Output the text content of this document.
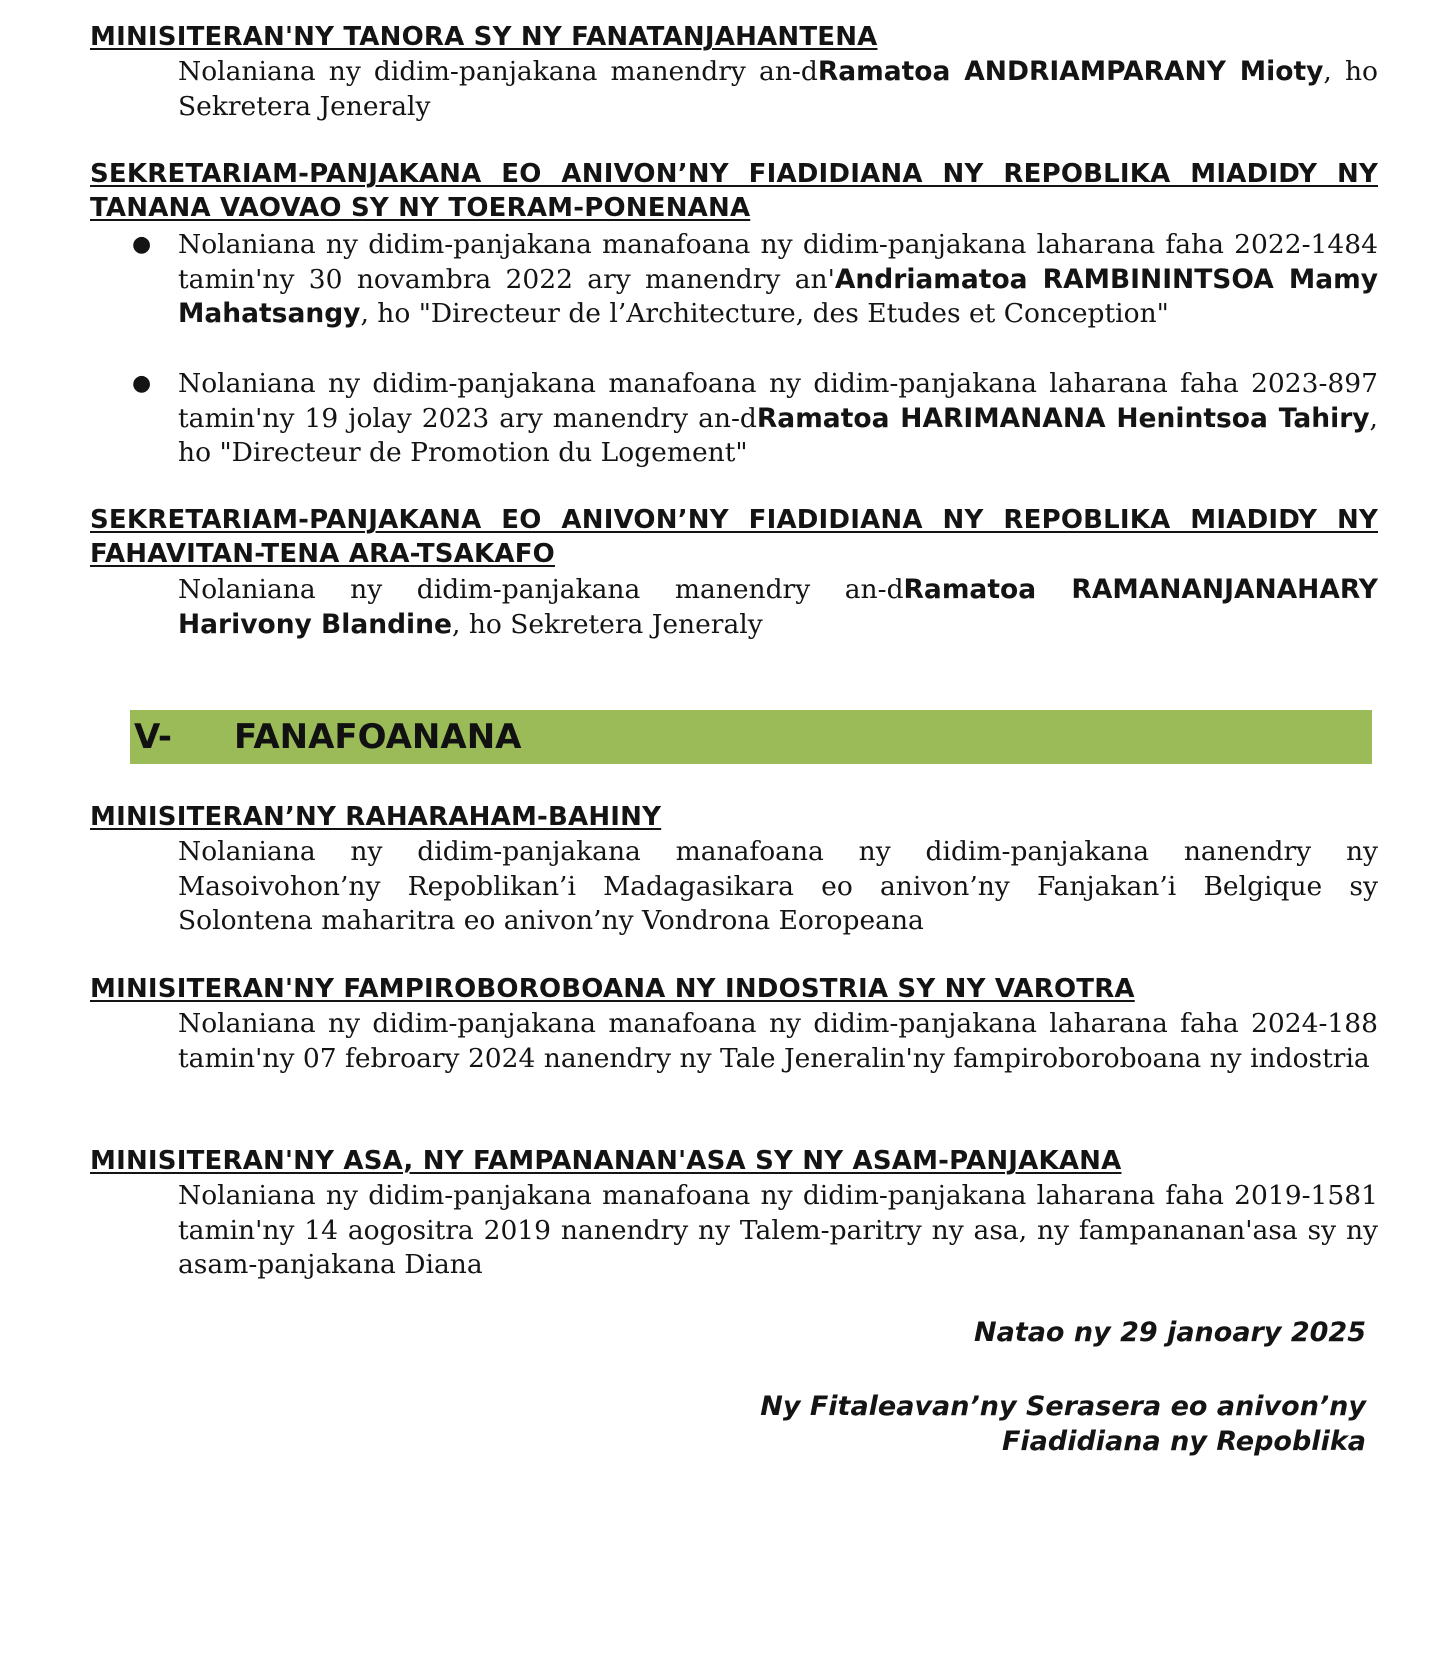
MINISITERAN'NY TANORA SY NY FANATANJAHANTENA
Nolaniana ny didim-panjakana manendry an-dRamatoa ANDRIAMPARANY Mioty, ho Sekretera Jeneraly
SEKRETARIAM-PANJAKANA EO ANIVON’NY FIADIDIANA NY REPOBLIKA MIADIDY NY TANANA VAOVAO SY NY TOERAM-PONENANA
● Nolaniana ny didim-panjakana manafoana ny didim-panjakana laharana faha 2022-1484 tamin'ny 30 novambra 2022 ary manendry an'Andriamatoa RAMBININTSOA Mamy Mahatsangy, ho "Directeur de l’Architecture, des Etudes et Conception"
● Nolaniana ny didim-panjakana manafoana ny didim-panjakana laharana faha 2023-897 tamin'ny 19 jolay 2023 ary manendry an-dRamatoa HARIMANANA Henintsoa Tahiry, ho "Directeur de Promotion du Logement"
SEKRETARIAM-PANJAKANA EO ANIVON’NY FIADIDIANA NY REPOBLIKA MIADIDY NY FAHAVITAN-TENA ARA-TSAKAFO
Nolaniana ny didim-panjakana manendry an-dRamatoa RAMANANJANAHARY Harivony Blandine, ho Sekretera Jeneraly
V- FANAFOANANA
MINISITERAN’NY RAHARAHAM-BAHINY
Nolaniana ny didim-panjakana manafoana ny didim-panjakana nanendry ny Masoivohon’ny Repoblikan’i Madagasikara eo anivon’ny Fanjakan’i Belgique sy Solontena maharitra eo anivon’ny Vondrona Eoropeana
MINISITERAN'NY FAMPIROBOROBOANA NY INDOSTRIA SY NY VAROTRA
Nolaniana ny didim-panjakana manafoana ny didim-panjakana laharana faha 2024-188 tamin'ny 07 febroary 2024 nanendry ny Tale Jeneralin'ny fampiroboroboana ny indostria
MINISITERAN'NY ASA, NY FAMPANANAN'ASA SY NY ASAM-PANJAKANA
Nolaniana ny didim-panjakana manafoana ny didim-panjakana laharana faha 2019-1581 tamin'ny 14 aogositra 2019 nanendry ny Talem-paritry ny asa, ny fampananan'asa sy ny asam-panjakana Diana
Natao ny 29 janoary 2025
Ny Fitaleavan’ny Serasera eo anivon’ny
Fiadidiana ny Repoblika
